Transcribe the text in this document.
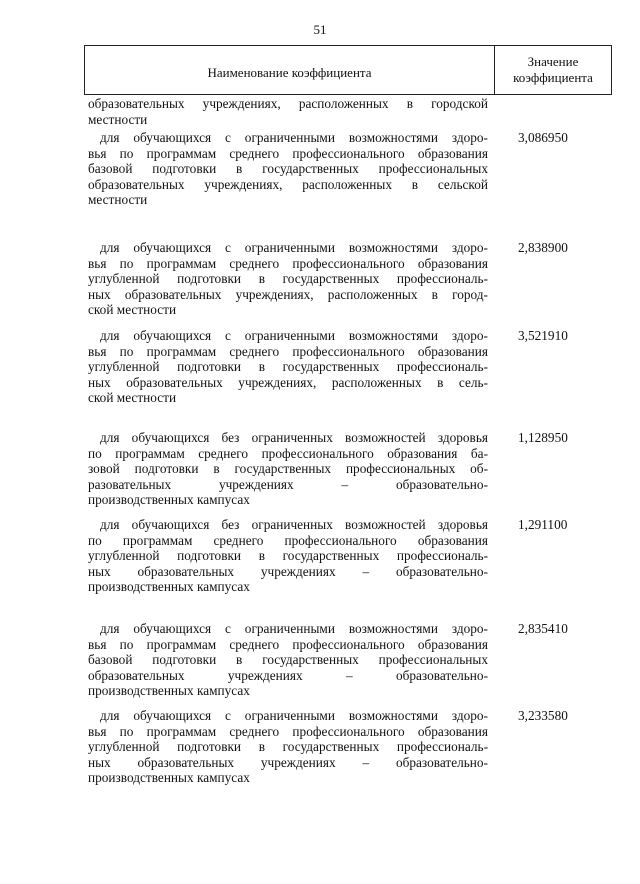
51
Наименование коэффициента
Значение
коэффициента
образовательных учреждениях, расположенных в городской
местности
для обучающихся с ограниченными возможностями здоро-
вья по программам среднего профессионального образования
базовой подготовки в государственных профессиональных
образовательных учреждениях, расположенных в сельской
местности
3,086950
для обучающихся с ограниченными возможностями здоро-
вья по программам среднего профессионального образования
углубленной подготовки в государственных профессиональ-
ных образовательных учреждениях, расположенных в город-
ской местности
2,838900
для обучающихся с ограниченными возможностями здоро-
вья по программам среднего профессионального образования
углубленной подготовки в государственных профессиональ-
ных образовательных учреждениях, расположенных в сель-
ской местности
3,521910
для обучающихся без ограниченных возможностей здоровья
по программам среднего профессионального образования ба-
зовой подготовки в государственных профессиональных об-
разовательных учреждениях – образовательно-
производственных кампусах
1,128950
для обучающихся без ограниченных возможностей здоровья
по программам среднего профессионального образования
углубленной подготовки в государственных профессиональ-
ных образовательных учреждениях – образовательно-
производственных кампусах
1,291100
для обучающихся с ограниченными возможностями здоро-
вья по программам среднего профессионального образования
базовой подготовки в государственных профессиональных
образовательных учреждениях – образовательно-
производственных кампусах
2,835410
для обучающихся с ограниченными возможностями здоро-
вья по программам среднего профессионального образования
углубленной подготовки в государственных профессиональ-
ных образовательных учреждениях – образовательно-
производственных кампусах
3,233580
